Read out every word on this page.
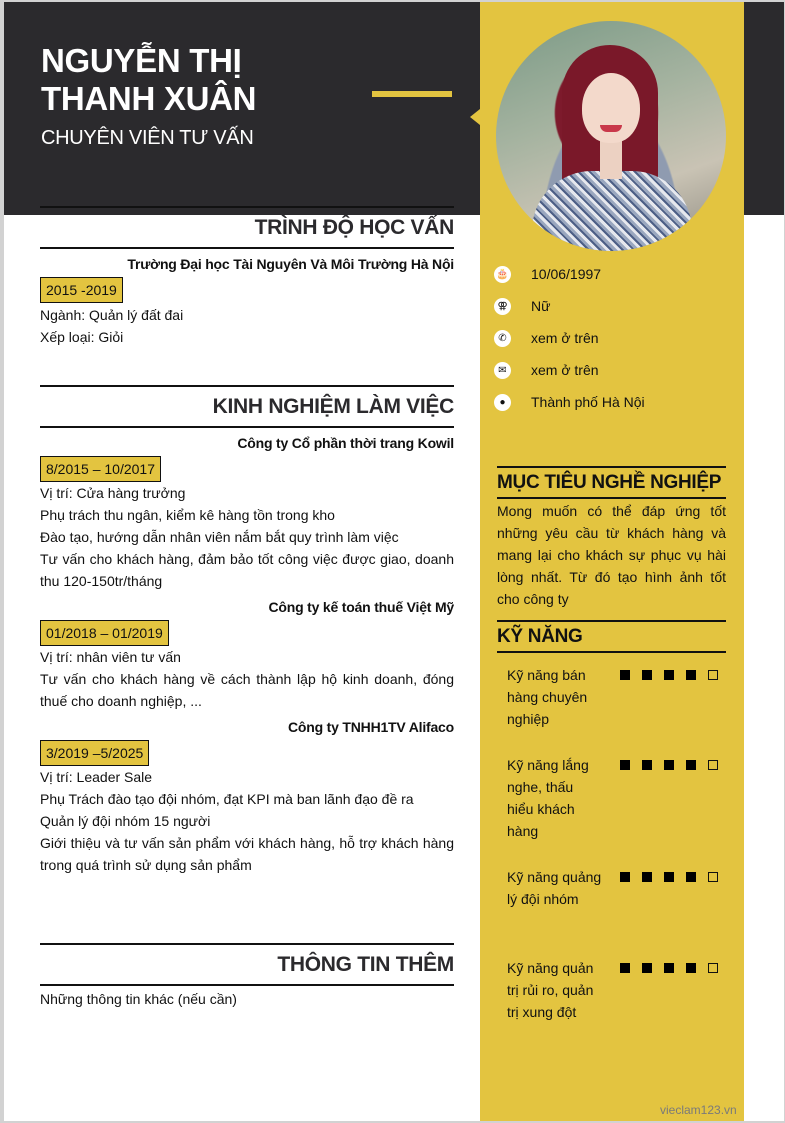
NGUYỄN THỊ
THANH XUÂN
CHUYÊN VIÊN TƯ VẤN
🎂 10/06/1997
⚢ Nữ
✆	xem ở trên
✉	xem ở trên
●	Thành phố Hà Nội
MỤC TIÊU NGHỀ NGHIỆP
Mong muốn có thể đáp ứng tốt những yêu cầu từ khách hàng và mang lại cho khách sự phục vụ hài lòng nhất. Từ đó tạo hình ảnh tốt cho công ty
KỸ NĂNG
Kỹ năng bán hàng chuyên nghiệp
Kỹ năng lắng nghe, thấu hiểu khách hàng
Kỹ năng quảng lý đội nhóm
Kỹ năng quản trị rủi ro, quản trị xung đột
vieclam123.vn
TRÌNH ĐỘ HỌC VẤN
Trường Đại học Tài Nguyên Và Môi Trường Hà Nội
2015 -2019
Ngành: Quản lý đất đai
Xếp loại: Giỏi
KINH NGHIỆM LÀM VIỆC
Công ty Cổ phần thời trang Kowil
8/2015 – 10/2017
Vị trí: Cửa hàng trưởng
Phụ trách thu ngân, kiểm kê hàng tồn trong kho
Đào tạo, hướng dẫn nhân viên nắm bắt quy trình làm việc
Tư vấn cho khách hàng, đảm bảo tốt công việc được giao, doanh thu 120-150tr/tháng
Công ty kế toán thuế Việt Mỹ
01/2018 – 01/2019
Vị trí: nhân viên tư vấn
Tư vấn cho khách hàng về cách thành lập hộ kinh doanh, đóng thuế cho doanh nghiệp, ...
Công ty TNHH1TV Alifaco
3/2019 –5/2025
Vị trí: Leader Sale
Phụ Trách đào tạo đội nhóm, đạt KPI mà ban lãnh đạo đề ra
Quản lý đội nhóm 15 người
Giới thiệu và tư vấn sản phẩm với khách hàng, hỗ trợ khách hàng trong quá trình sử dụng sản phẩm
THÔNG TIN THÊM
Những thông tin khác (nếu cần)
